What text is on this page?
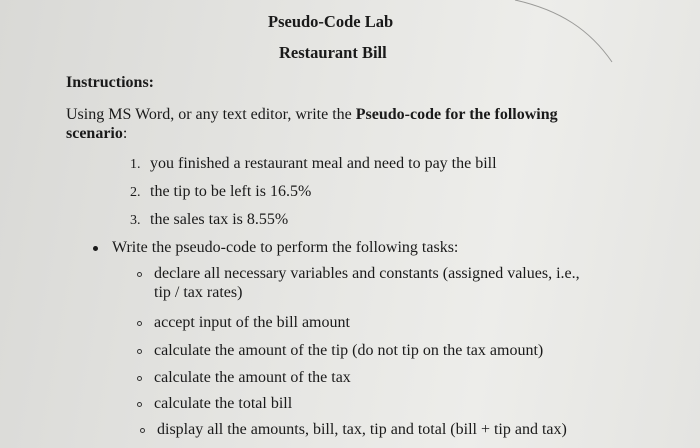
Pseudo-Code Lab
Restaurant Bill
Instructions:
Using MS Word, or any text editor, write the Pseudo-code for the following
scenario:
1. you finished a restaurant meal and need to pay the bill
2. the tip to be left is 16.5%
3. the sales tax is 8.55%
Write the pseudo-code to perform the following tasks:
declare all necessary variables and constants (assigned values, i.e.,
tip / tax rates)
accept input of the bill amount
calculate the amount of the tip (do not tip on the tax amount)
calculate the amount of the tax
calculate the total bill
display all the amounts, bill, tax, tip and total (bill + tip and tax)
